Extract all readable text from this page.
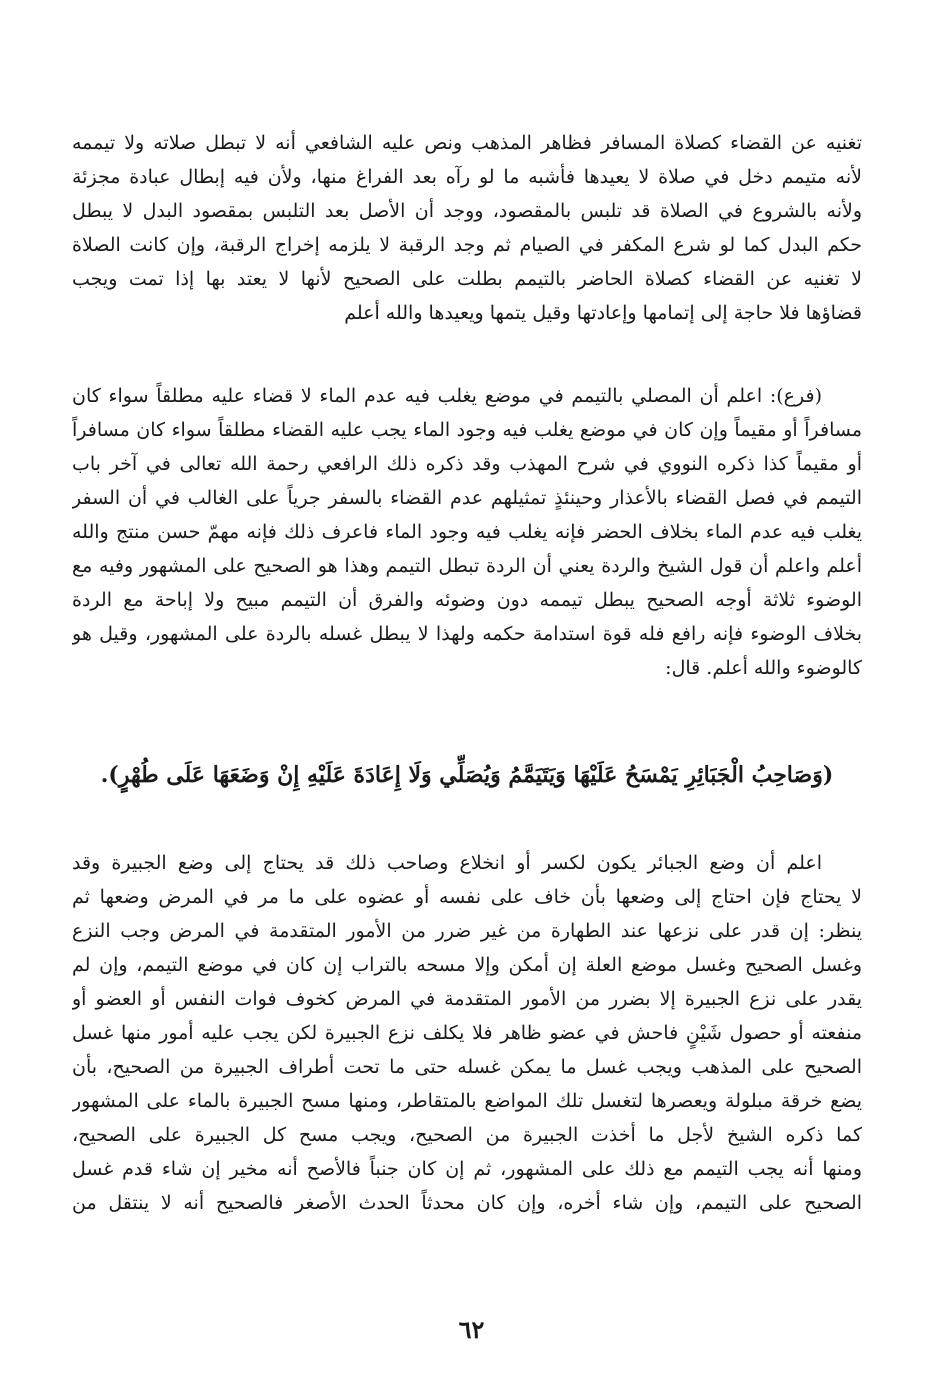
تغنيه عن القضاء كصلاة المسافر فظاهر المذهب ونص عليه الشافعي أنه لا تبطل صلاته ولا تيممه
لأنه متيمم دخل في صلاة لا يعيدها فأشبه ما لو رآه بعد الفراغ منها، ولأن فيه إبطال عبادة مجزئة
ولأنه بالشروع في الصلاة قد تلبس بالمقصود، ووجد أن الأصل بعد التلبس بمقصود البدل لا يبطل
حكم البدل كما لو شرع المكفر في الصيام ثم وجد الرقبة لا يلزمه إخراج الرقبة، وإن كانت الصلاة
لا تغنيه عن القضاء كصلاة الحاضر بالتيمم بطلت على الصحيح لأنها لا يعتد بها إذا تمت ويجب
قضاؤها فلا حاجة إلى إتمامها وإعادتها وقيل يتمها ويعيدها والله أعلم
(فرع): اعلم أن المصلي بالتيمم في موضع يغلب فيه عدم الماء لا قضاء عليه مطلقاً سواء كان
مسافراً أو مقيماً وإن كان في موضع يغلب فيه وجود الماء يجب عليه القضاء مطلقاً سواء كان مسافراً
أو مقيماً كذا ذكره النووي في شرح المهذب وقد ذكره ذلك الرافعي رحمة الله تعالى في آخر باب
التيمم في فصل القضاء بالأعذار وحينئذٍ تمثيلهم عدم القضاء بالسفر جرياً على الغالب في أن السفر
يغلب فيه عدم الماء بخلاف الحضر فإنه يغلب فيه وجود الماء فاعرف ذلك فإنه مهمّ حسن منتج والله
أعلم واعلم أن قول الشيخ والردة يعني أن الردة تبطل التيمم وهذا هو الصحيح على المشهور وفيه مع
الوضوء ثلاثة أوجه الصحيح يبطل تيممه دون وضوئه والفرق أن التيمم مبيح ولا إباحة مع الردة
بخلاف الوضوء فإنه رافع فله قوة استدامة حكمه ولهذا لا يبطل غسله بالردة على المشهور، وقيل هو
كالوضوء والله أعلم. قال:
(وَصَاحِبُ الْجَبَائِرِ يَمْسَحُ عَلَيْهَا وَيَتَيَمَّمُ وَيُصَلِّي وَلَا إِعَادَةَ عَلَيْهِ إِنْ وَضَعَهَا عَلَى طُهْرٍ).
اعلم أن وضع الجبائر يكون لكسر أو انخلاع وصاحب ذلك قد يحتاج إلى وضع الجبيرة وقد
لا يحتاج فإن احتاج إلى وضعها بأن خاف على نفسه أو عضوه على ما مر في المرض وضعها ثم
ينظر: إن قدر على نزعها عند الطهارة من غير ضرر من الأمور المتقدمة في المرض وجب النزع
وغسل الصحيح وغسل موضع العلة إن أمكن وإلا مسحه بالتراب إن كان في موضع التيمم، وإن لم
يقدر على نزع الجبيرة إلا بضرر من الأمور المتقدمة في المرض كخوف فوات النفس أو العضو أو
منفعته أو حصول شَيْنٍ فاحش في عضو ظاهر فلا يكلف نزع الجبيرة لكن يجب عليه أمور منها غسل
الصحيح على المذهب ويجب غسل ما يمكن غسله حتى ما تحت أطراف الجبيرة من الصحيح، بأن
يضع خرقة مبلولة ويعصرها لتغسل تلك المواضع بالمتقاطر، ومنها مسح الجبيرة بالماء على المشهور
كما ذكره الشيخ لأجل ما أخذت الجبيرة من الصحيح، ويجب مسح كل الجبيرة على الصحيح،
ومنها أنه يجب التيمم مع ذلك على المشهور، ثم إن كان جنباً فالأصح أنه مخير إن شاء قدم غسل
الصحيح على التيمم، وإن شاء أخره، وإن كان محدثاً الحدث الأصغر فالصحيح أنه لا ينتقل من
٦٢
